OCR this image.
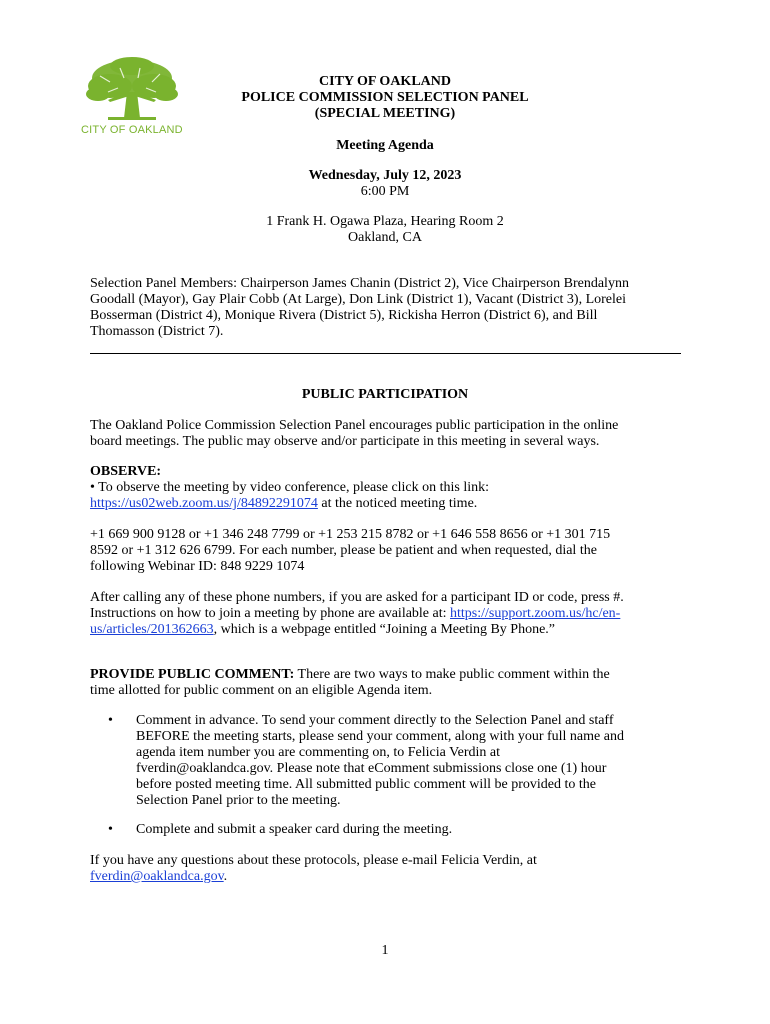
CITY OF OAKLAND
CITY OF OAKLAND
POLICE COMMISSION SELECTION PANEL
(SPECIAL MEETING)
Meeting Agenda
Wednesday, July 12, 2023
6:00 PM
1 Frank H. Ogawa Plaza, Hearing Room 2
Oakland, CA
Selection Panel Members: Chairperson James Chanin (District 2), Vice Chairperson Brendalynn
Goodall (Mayor), Gay Plair Cobb (At Large), Don Link (District 1), Vacant (District 3), Lorelei
Bosserman (District 4), Monique Rivera (District 5), Rickisha Herron (District 6), and Bill
Thomasson (District 7).
PUBLIC PARTICIPATION
The Oakland Police Commission Selection Panel encourages public participation in the online
board meetings. The public may observe and/or participate in this meeting in several ways.
OBSERVE:
• To observe the meeting by video conference, please click on this link:
https://us02web.zoom.us/j/84892291074 at the noticed meeting time.
+1 669 900 9128 or +1 346 248 7799 or +1 253 215 8782 or +1 646 558 8656 or +1 301 715
8592 or +1 312 626 6799. For each number, please be patient and when requested, dial the
following Webinar ID: 848 9229 1074
After calling any of these phone numbers, if you are asked for a participant ID or code, press #.
Instructions on how to join a meeting by phone are available at: https://support.zoom.us/hc/en-
us/articles/201362663, which is a webpage entitled “Joining a Meeting By Phone.”
PROVIDE PUBLIC COMMENT: There are two ways to make public comment within the
time allotted for public comment on an eligible Agenda item.
• Comment in advance. To send your comment directly to the Selection Panel and staff
BEFORE the meeting starts, please send your comment, along with your full name and
agenda item number you are commenting on, to Felicia Verdin at
fverdin@oaklandca.gov. Please note that eComment submissions close one (1) hour
before posted meeting time. All submitted public comment will be provided to the
Selection Panel prior to the meeting.
• Complete and submit a speaker card during the meeting.
If you have any questions about these protocols, please e-mail Felicia Verdin, at
fverdin@oaklandca.gov.
1
